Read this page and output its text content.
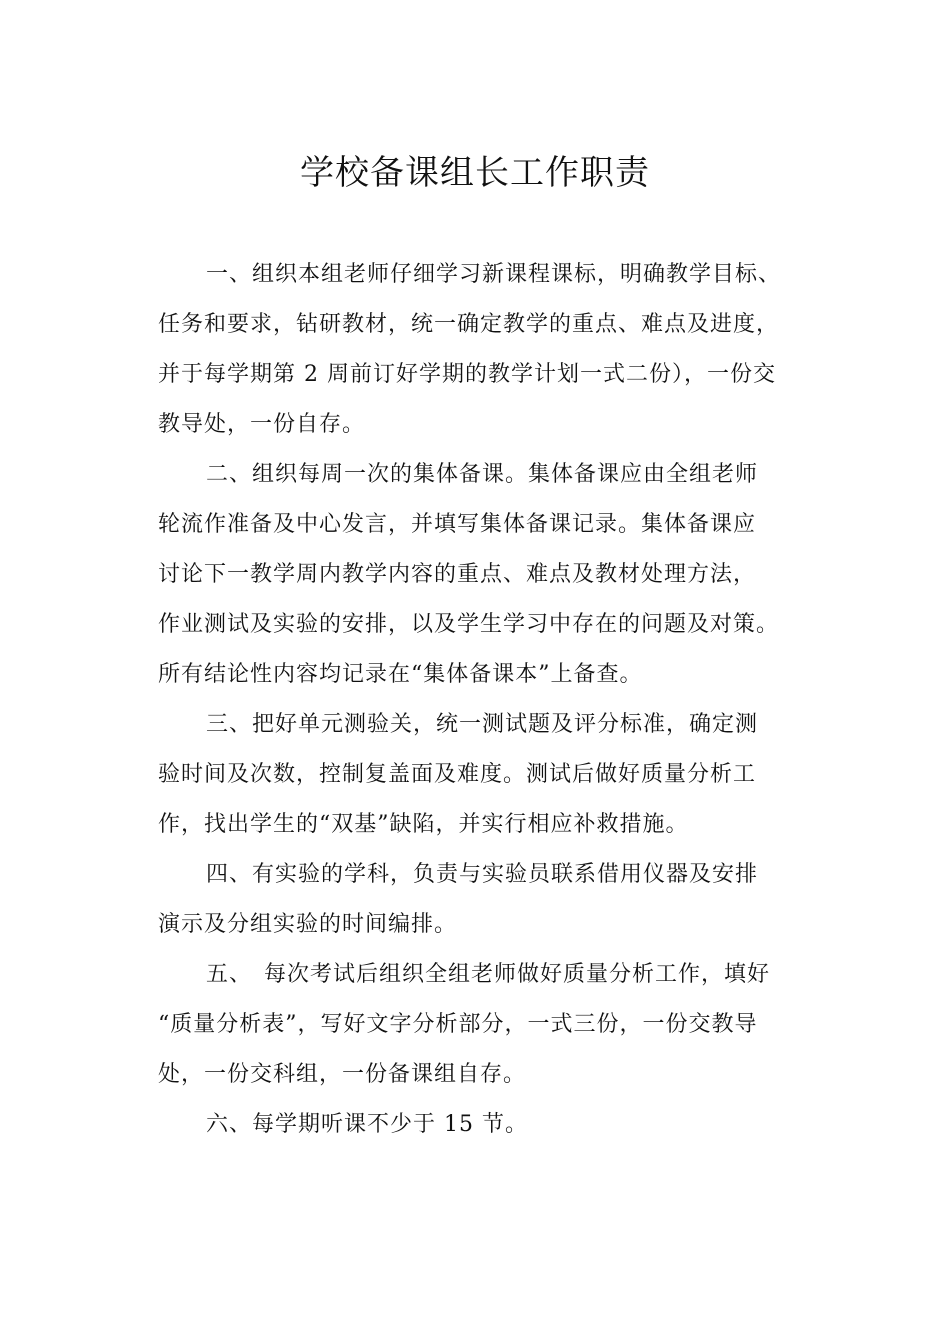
学校备课组长工作职责

一、组织本组老师仔细学习新课程课标，明确教学目标、
任务和要求，钻研教材，统一确定教学的重点、难点及进度，
并于每学期第 2 周前订好学期的教学计划一式二份），一份交
教导处，一份自存。

二、组织每周一次的集体备课。集体备课应由全组老师
轮流作准备及中心发言，并填写集体备课记录。集体备课应
讨论下一教学周内教学内容的重点、难点及教材处理方法，
作业测试及实验的安排，以及学生学习中存在的问题及对策。
所有结论性内容均记录在“集体备课本”上备查。

三、把好单元测验关，统一测试题及评分标准，确定测
验时间及次数，控制复盖面及难度。测试后做好质量分析工
作，找出学生的“双基”缺陷，并实行相应补救措施。

四、有实验的学科，负责与实验员联系借用仪器及安排
演示及分组实验的时间编排。

五、　每次考试后组织全组老师做好质量分析工作，填好
“质量分析表”，写好文字分析部分，一式三份，一份交教导
处，一份交科组，一份备课组自存。

六、每学期听课不少于 15 节。
